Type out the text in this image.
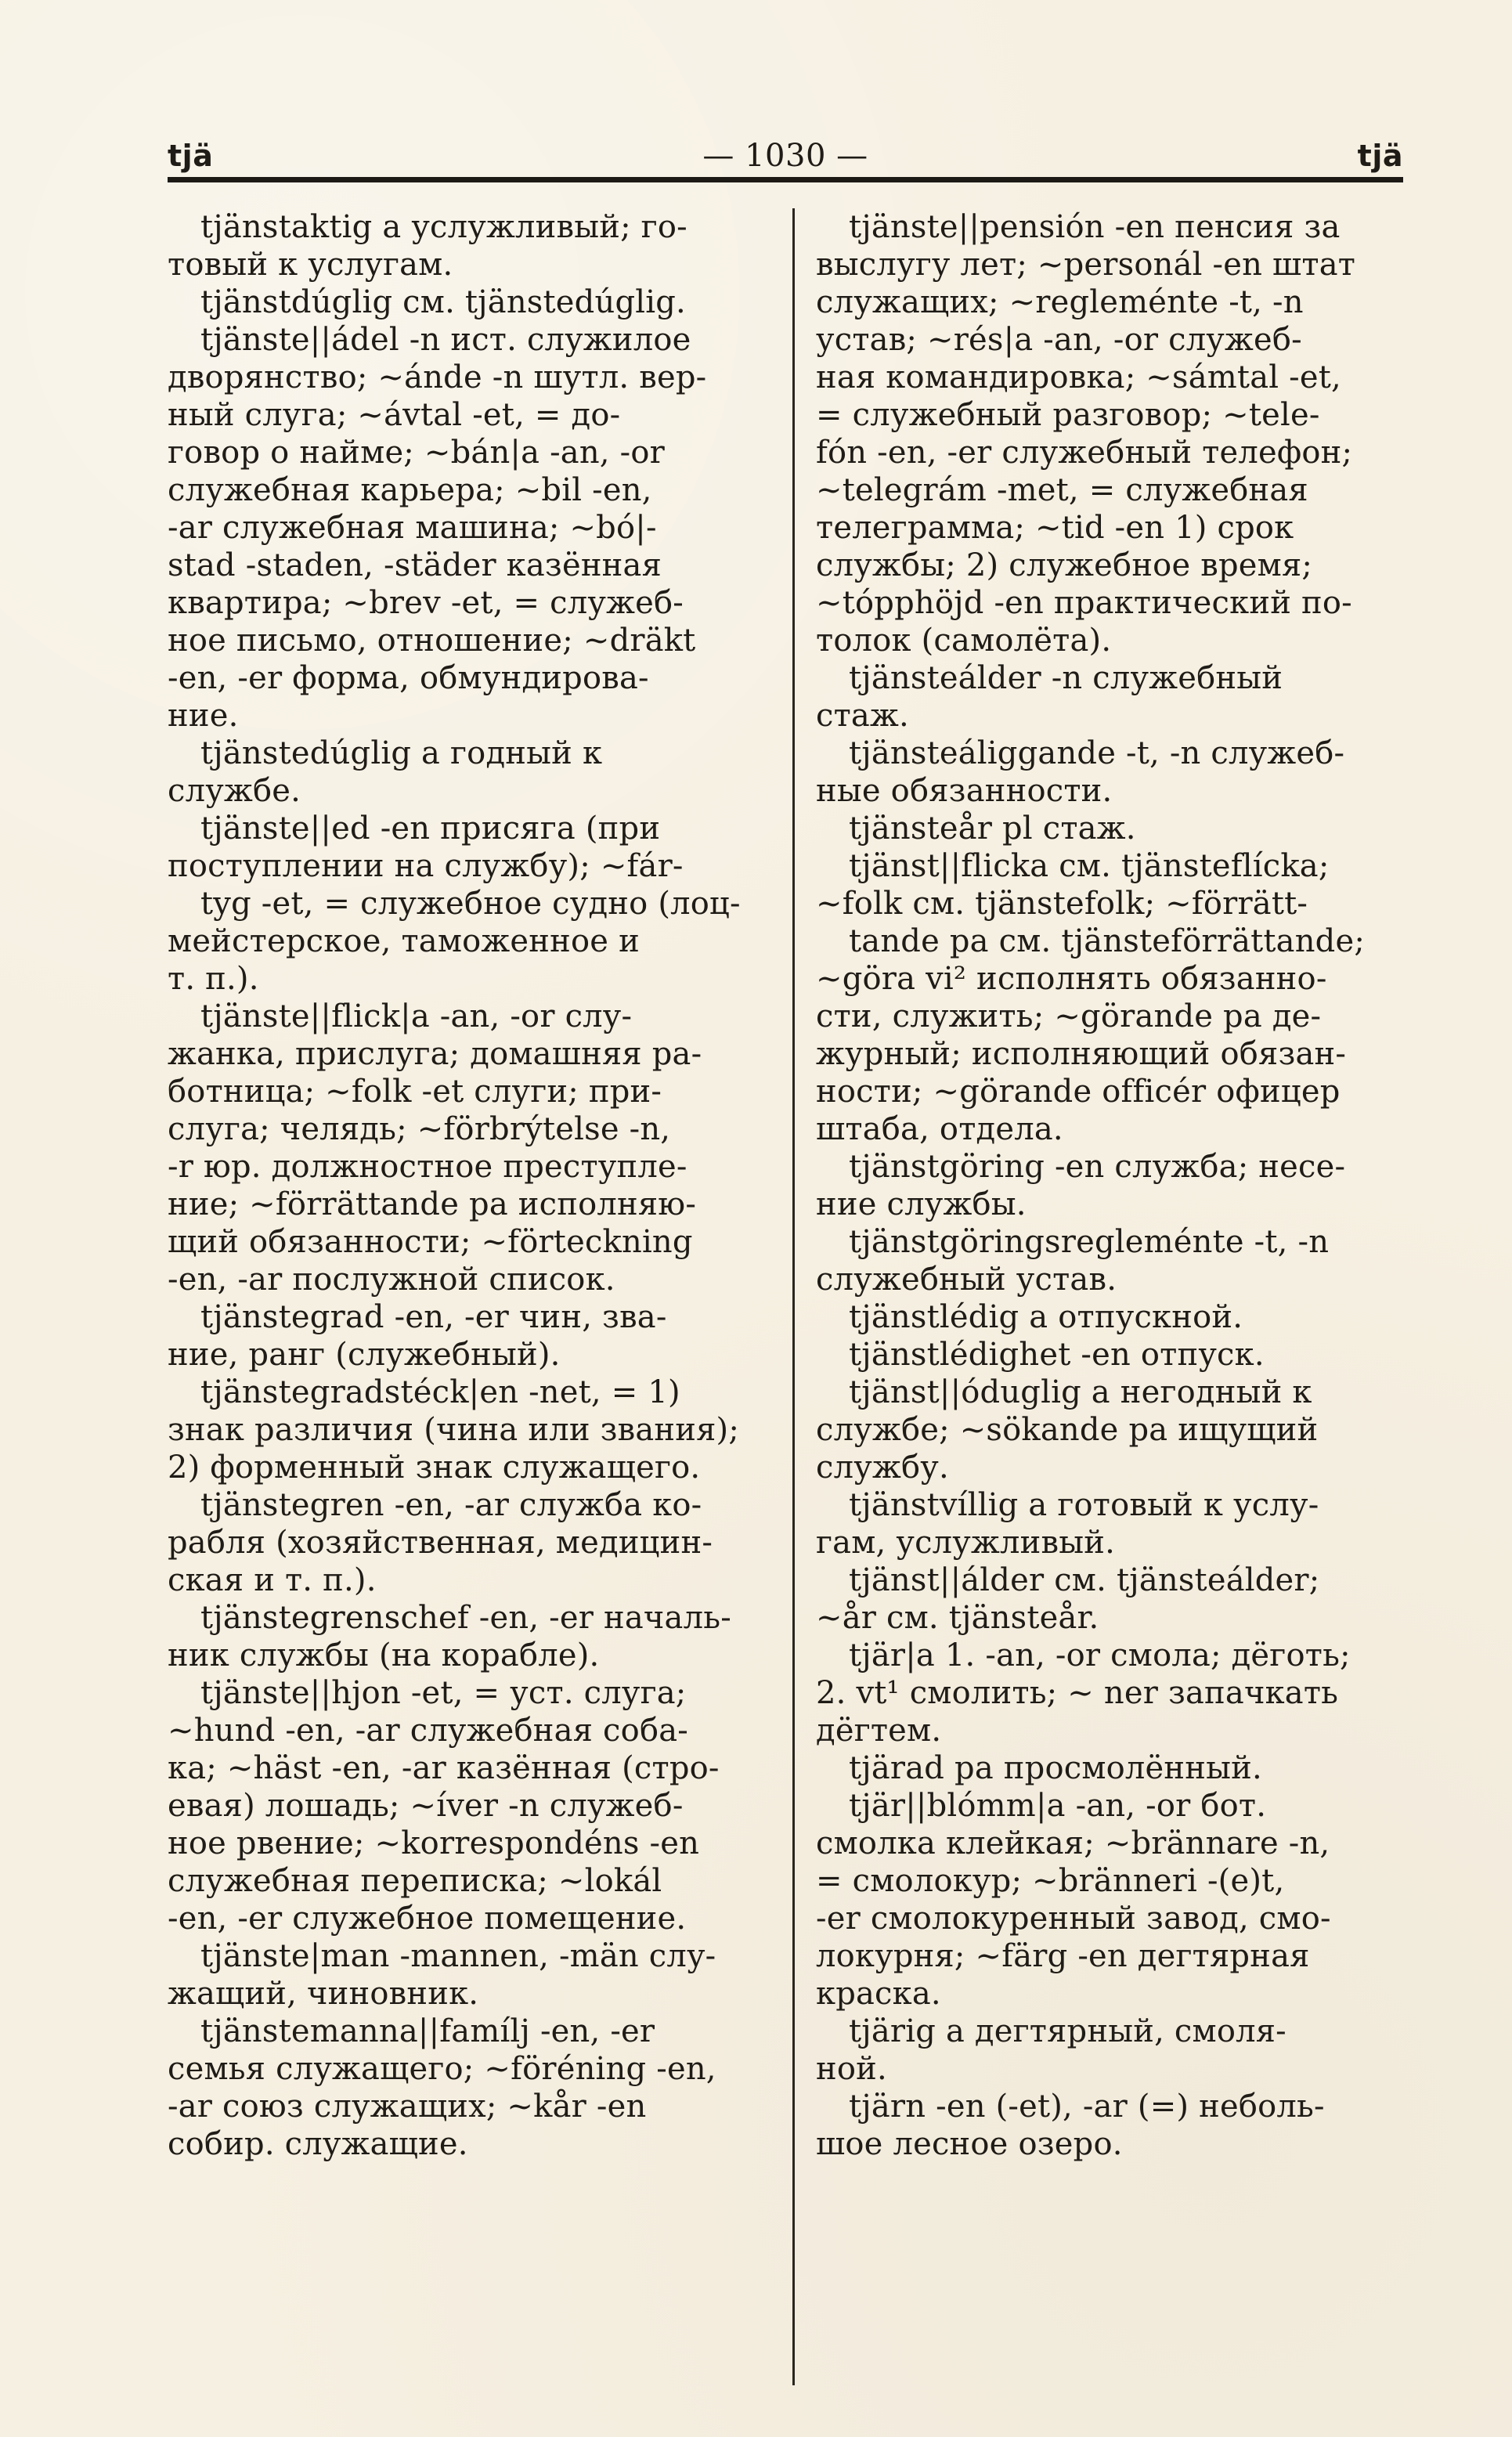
tjä	— 1030 —	tjä
tjänstaktig a услужливый; го-
товый к услугам.
tjänstdúglig см. tjänstedúglig.
tjänste||ádel -n ист. служилое
дворянство; ~ánde -n шутл. вер-
ный слуга; ~ávtal -et, = до-
говор о найме; ~bán|a -an, -or
служебная карьера; ~bil -en,
-ar служебная машина; ~bó|-
stad -staden, -städer казённая
квартира; ~brev -et, = служеб-
ное письмо, отношение; ~dräkt
-en, -er форма, обмундирова-
ние.
tjänstedúglig a годный к
службе.
tjänste||ed -en присяга (при
поступлении на службу); ~fár-
tyg -et, = служебное судно (лоц-
мейстерское, таможенное и
т. п.).
tjänste||flick|a -an, -or слу-
жанка, прислуга; домашняя ра-
ботница; ~folk -et слуги; при-
слуга; челядь; ~förbrýtelse -n,
-r юр. должностное преступле-
ние; ~förrättande pa исполняю-
щий обязанности; ~förteckning
-en, -ar послужной список.
tjänstegrad -en, -er чин, зва-
ние, ранг (служебный).
tjänstegradstéck|en -net, = 1)
знак различия (чина или звания);
2) форменный знак служащего.
tjänstegren -en, -ar служба ко-
рабля (хозяйственная, медицин-
ская и т. п.).
tjänstegrenschef -en, -er началь-
ник службы (на корабле).
tjänste||hjon -et, = уст. слуга;
~hund -en, -ar служебная соба-
ка; ~häst -en, -ar казённая (стро-
евая) лошадь; ~íver -n служеб-
ное рвение; ~korrespondéns -en
служебная переписка; ~lokál
-en, -er служебное помещение.
tjänste|man -mannen, -män слу-
жащий, чиновник.
tjänstemanna||famílj -en, -er
семья служащего; ~föréning -en,
-ar союз служащих; ~kår -en
собир. служащие.
tjänste||pensión -en пенсия за
выслугу лет; ~personál -en штат
служащих; ~regleménte -t, -n
устав; ~rés|a -an, -or служеб-
ная командировка; ~sámtal -et,
= служебный разговор; ~tele-
fón -en, -er служебный телефон;
~telegrám -met, = служебная
телеграмма; ~tid -en 1) срок
службы; 2) служебное время;
~tópphöjd -en практический по-
толок (самолёта).
tjänsteálder -n служебный
стаж.
tjänsteáliggande -t, -n служеб-
ные обязанности.
tjänsteår pl стаж.
tjänst||flicka см. tjänsteflícka;
~folk см. tjänstefolk; ~förrätt-
tande pa см. tjänsteförrättande;
~göra vi² исполнять обязанно-
сти, служить; ~görande pa де-
журный; исполняющий обязан-
ности; ~görande officér офицер
штаба, отдела.
tjänstgöring -en служба; несе-
ние службы.
tjänstgöringsregleménte -t, -n
служебный устав.
tjänstlédig a отпускной.
tjänstlédighet -en отпуск.
tjänst||óduglig a негодный к
службе; ~sökande pa ищущий
службу.
tjänstvíllig a готовый к услу-
гам, услужливый.
tjänst||álder см. tjänsteálder;
~år см. tjänsteår.
tjär|a 1. -an, -or смола; дёготь;
2. vt¹ смолить; ~ ner запачкать
дёгтем.
tjärad pa просмолённый.
tjär||blómm|a -an, -or бот.
смолка клейкая; ~brännare -n,
= смолокур; ~bränneri -(e)t,
-er смолокуренный завод, смо-
локурня; ~färg -en дегтярная
краска.
tjärig a дегтярный, смоля-
ной.
tjärn -en (-et), -ar (=) неболь-
шое лесное озеро.
